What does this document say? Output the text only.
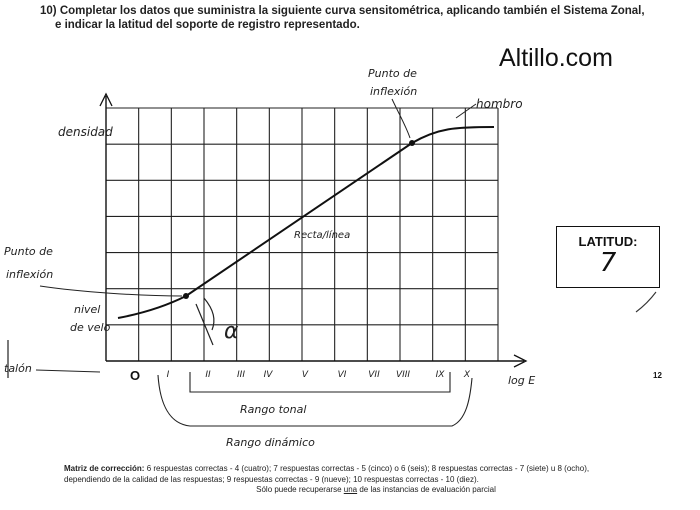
10) Completar los datos que suministra la siguiente curva sensitométrica, aplicando también el Sistema Zonal,
e indicar la latitud del soporte de registro representado.
Altillo.com
densidad
Punto de
inflexión
hombro
Recta/línea
Punto de
inflexión
nivel
de velo
talón
α
log E
I	II	III IV	V	VI VII VIII	IX X
Rango tonal
Rango dinámico
O	12
LATITUD:
7
Matriz de corrección: 6 respuestas correctas - 4 (cuatro); 7 respuestas correctas - 5 (cinco) o 6 (seis); 8 respuestas correctas - 7 (siete) u 8 (ocho),
dependiendo de la calidad de las respuestas; 9 respuestas correctas - 9 (nueve); 10 respuestas correctas - 10 (diez).
Sólo puede recuperarse una de las instancias de evaluación parcial
